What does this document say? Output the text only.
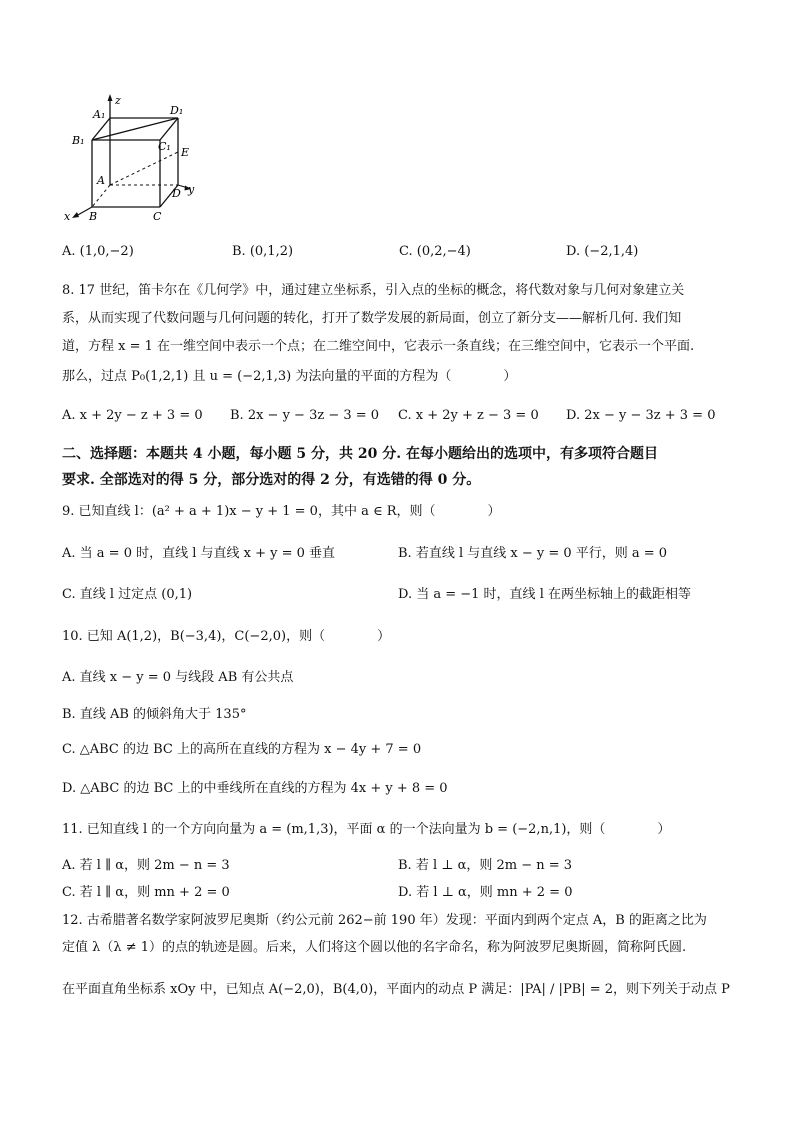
z
A₁	D₁
B₁	C₁ E
A
D y
x B	C
A. (1,0,−2)	B. (0,1,2)	C. (0,2,−4)	D. (−2,1,4)
8. 17 世纪，笛卡尔在《几何学》中，通过建立坐标系，引入点的坐标的概念，将代数对象与几何对象建立关
系，从而实现了代数问题与几何问题的转化，打开了数学发展的新局面，创立了新分支——解析几何. 我们知
道，方程 x = 1 在一维空间中表示一个点；在二维空间中，它表示一条直线；在三维空间中，它表示一个平面.
那么，过点 P₀(1,2,1) 且 u = (−2,1,3) 为法向量的平面的方程为（　　　　）
A. x + 2y − z + 3 = 0 B. 2x − y − 3z − 3 = 0 C. x + 2y + z − 3 = 0 D. 2x − y − 3z + 3 = 0
二、选择题：本题共 4 小题，每小题 5 分，共 20 分. 在每小题给出的选项中，有多项符合题目
要求. 全部选对的得 5 分，部分选对的得 2 分，有选错的得 0 分。
9. 已知直线 l：(a² + a + 1)x − y + 1 = 0，其中 a ∈ R，则（　　　　）
A. 当 a = 0 时，直线 l 与直线 x + y = 0 垂直	B. 若直线 l 与直线 x − y = 0 平行，则 a = 0
C. 直线 l 过定点 (0,1)	D. 当 a = −1 时，直线 l 在两坐标轴上的截距相等
10. 已知 A(1,2)，B(−3,4)，C(−2,0)，则（　　　　）
A. 直线 x − y = 0 与线段 AB 有公共点
B. 直线 AB 的倾斜角大于 135°
C. △ABC 的边 BC 上的高所在直线的方程为 x − 4y + 7 = 0
D. △ABC 的边 BC 上的中垂线所在直线的方程为 4x + y + 8 = 0
11. 已知直线 l 的一个方向向量为 a = (m,1,3)，平面 α 的一个法向量为 b = (−2,n,1)，则（　　　　）
A. 若 l ∥ α，则 2m − n = 3	B. 若 l ⊥ α，则 2m − n = 3
C. 若 l ∥ α，则 mn + 2 = 0	D. 若 l ⊥ α，则 mn + 2 = 0
12. 古希腊著名数学家阿波罗尼奥斯（约公元前 262−前 190 年）发现：平面内到两个定点 A，B 的距离之比为
定值 λ（λ ≠ 1）的点的轨迹是圆。后来，人们将这个圆以他的名字命名，称为阿波罗尼奥斯圆，简称阿氏圆.
在平面直角坐标系 xOy 中，已知点 A(−2,0)，B(4,0)，平面内的动点 P 满足：|PA| / |PB| = 2，则下列关于动点 P
